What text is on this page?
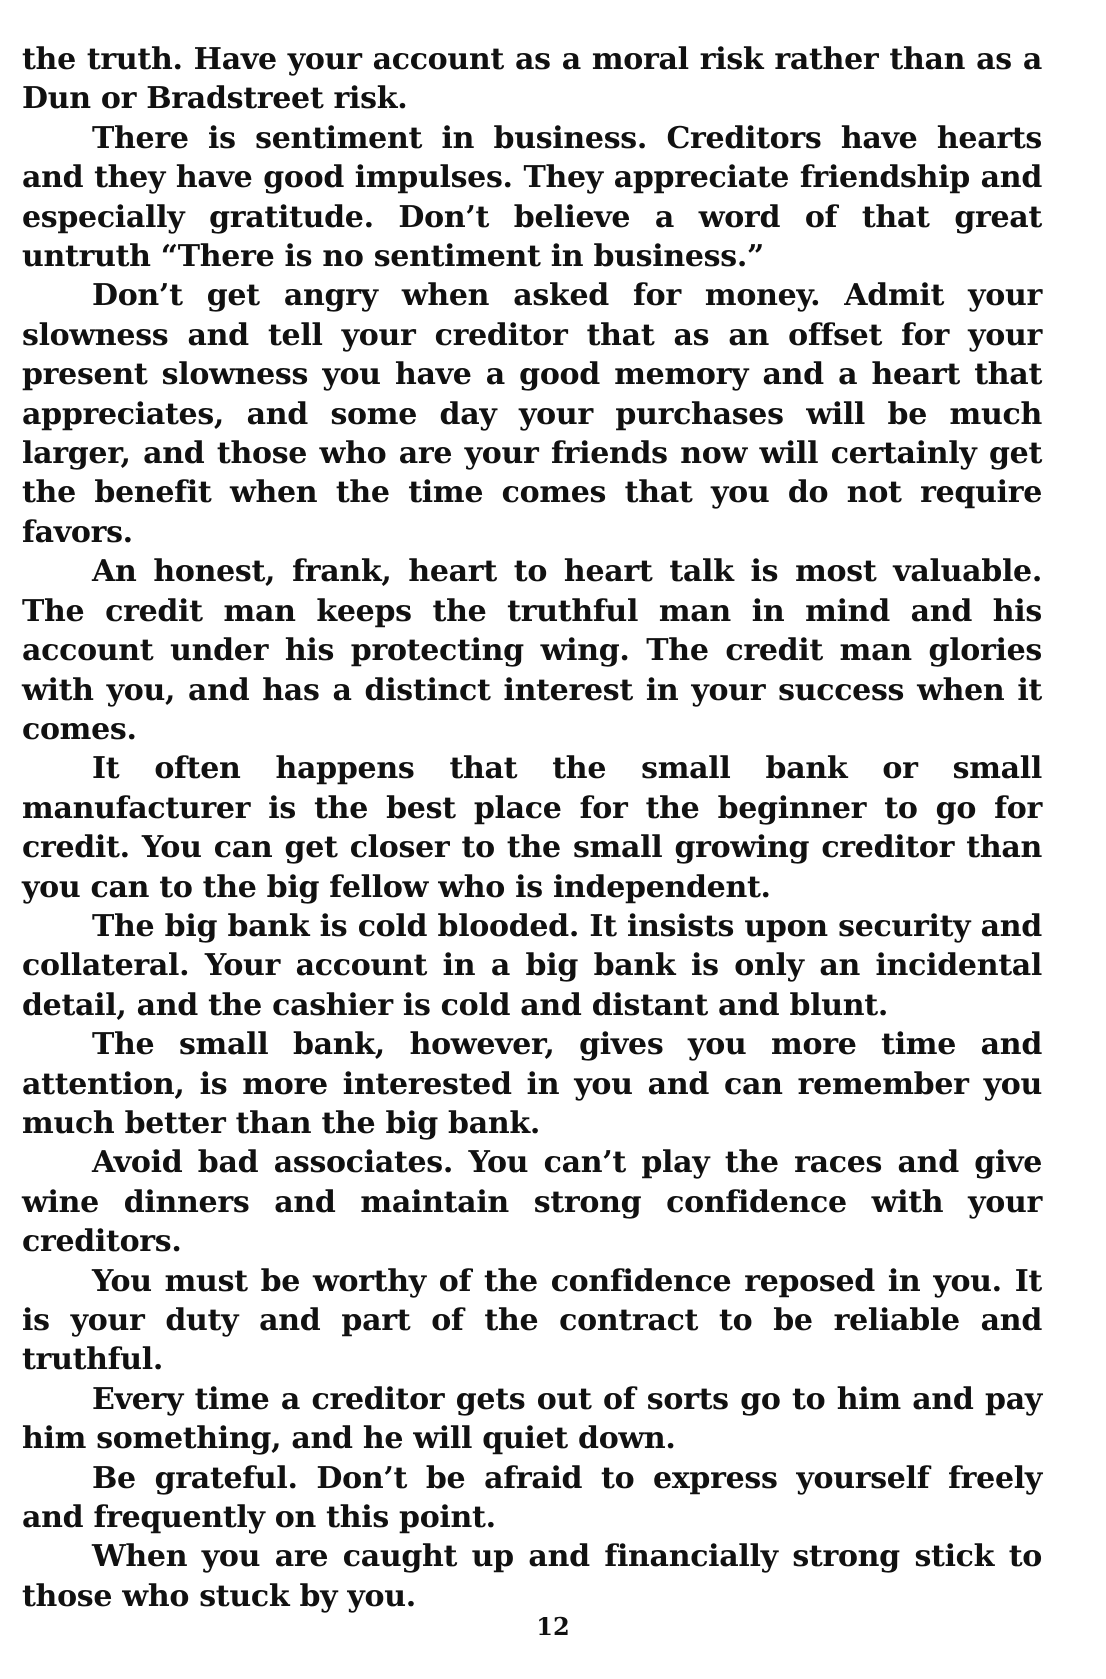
the truth. Have your account as a moral risk rather than as a Dun or Bradstreet risk.

There is sentiment in business. Creditors have hearts and they have good impulses. They appreciate friendship and especially gratitude. Don’t believe a word of that great untruth “There is no sentiment in business.”

Don’t get angry when asked for money. Admit your slowness and tell your creditor that as an offset for your present slowness you have a good memory and a heart that appreciates, and some day your purchases will be much larger, and those who are your friends now will certainly get the benefit when the time comes that you do not require favors.

An honest, frank, heart to heart talk is most valuable. The credit man keeps the truthful man in mind and his account under his protecting wing. The credit man glories with you, and has a distinct interest in your success when it comes.

It often happens that the small bank or small manufacturer is the best place for the beginner to go for credit. You can get closer to the small growing creditor than you can to the big fellow who is independent.

The big bank is cold blooded. It insists upon security and collateral. Your account in a big bank is only an incidental detail, and the cashier is cold and distant and blunt.

The small bank, however, gives you more time and attention, is more interested in you and can remember you much better than the big bank.

Avoid bad associates. You can’t play the races and give wine dinners and maintain strong confidence with your creditors.

You must be worthy of the confidence reposed in you. It is your duty and part of the contract to be reliable and truthful.

Every time a creditor gets out of sorts go to him and pay him something, and he will quiet down.

Be grateful. Don’t be afraid to express yourself freely and frequently on this point.

When you are caught up and financially strong stick to those who stuck by you.

12
